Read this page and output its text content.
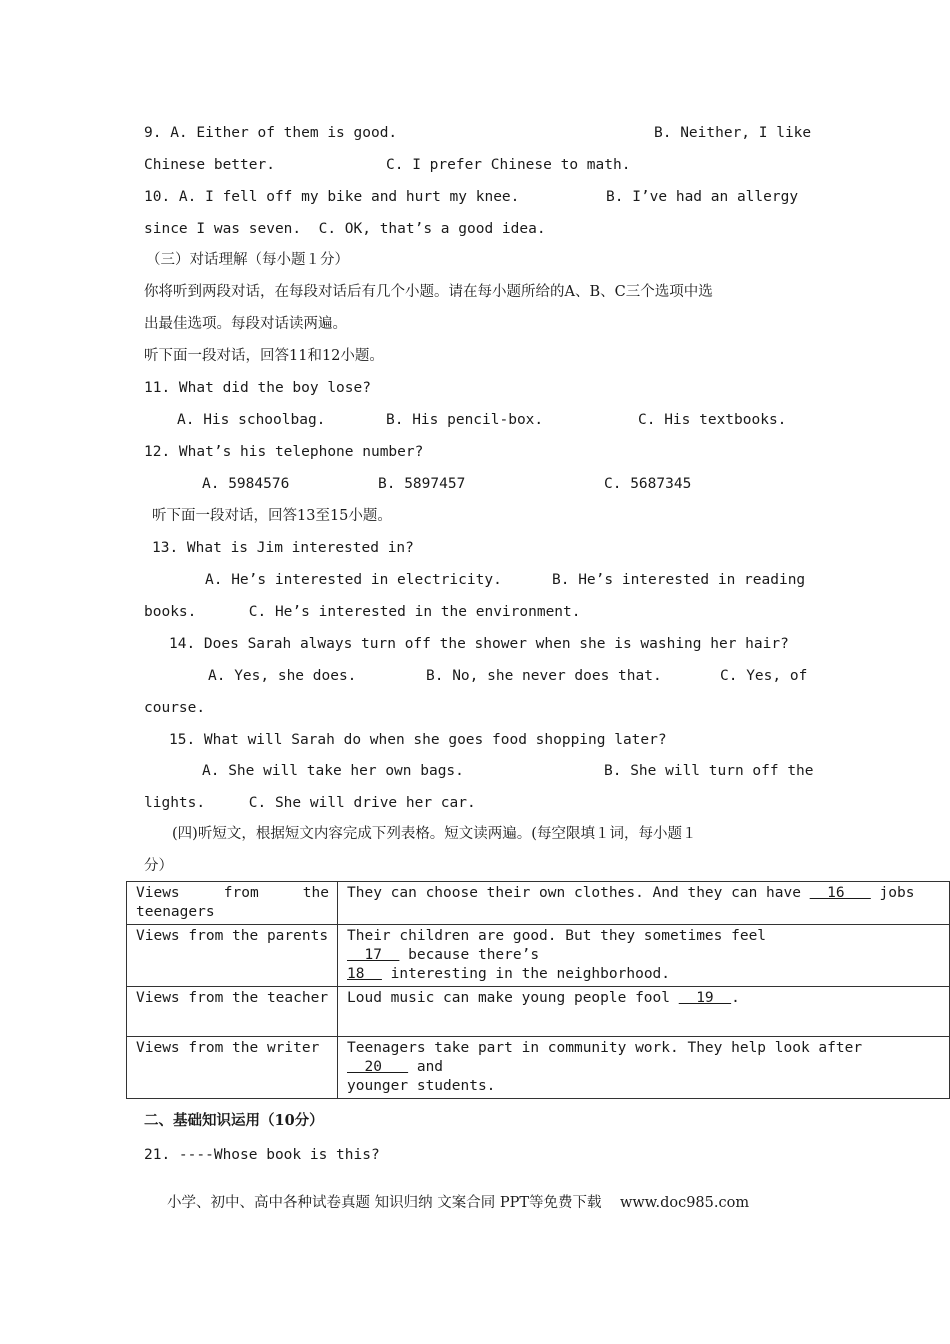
9. A. Either of them is good.	B. Neither, I like
Chinese better.	C. I prefer Chinese to math.
10. A. I fell off my bike and hurt my knee.	B. I’ve had an allergy
since I was seven.  C. OK, that’s a good idea.
（三）对话理解（每小题１分）
你将听到两段对话，在每段对话后有几个小题。请在每小题所给的A、B、C三个选项中选
出最佳选项。每段对话读两遍。
听下面一段对话，回答11和12小题。
11. What did the boy lose?
A. His schoolbag.	B. His pencil-box.	C. His textbooks.
12. What’s his telephone number?
A. 5984576	B. 5897457	C. 5687345
听下面一段对话，回答13至15小题。
13. What is Jim interested in?
A. He’s interested in electricity.	B. He’s interested in reading
books.      C. He’s interested in the environment.
14. Does Sarah always turn off the shower when she is washing her hair?
A. Yes, she does.	B. No, she never does that.	C. Yes, of
course.
15. What will Sarah do when she goes food shopping later?
A. She will take her own bags.	B. She will turn off the
lights.     C. She will drive her car.
(四)听短文，根据短文内容完成下列表格。短文读两遍。(每空限填１词，每小题１
分）
Views from the
teenagers	They can choose their own clothes. And they can have   16    jobs
Views from the parents	Their children are good. But they sometimes feel   17   because there’s
18   interesting in the neighborhood.
Views from the teacher	Loud music can make young people fool   19  .
Views from the writer	Teenagers take part in community work. They help look after  20    and
younger students.
二、基础知识运用（10分）
21. ----Whose book is this?
小学、初中、高中各种试卷真题 知识归纳 文案合同 PPT等免费下载    www.doc985.com
